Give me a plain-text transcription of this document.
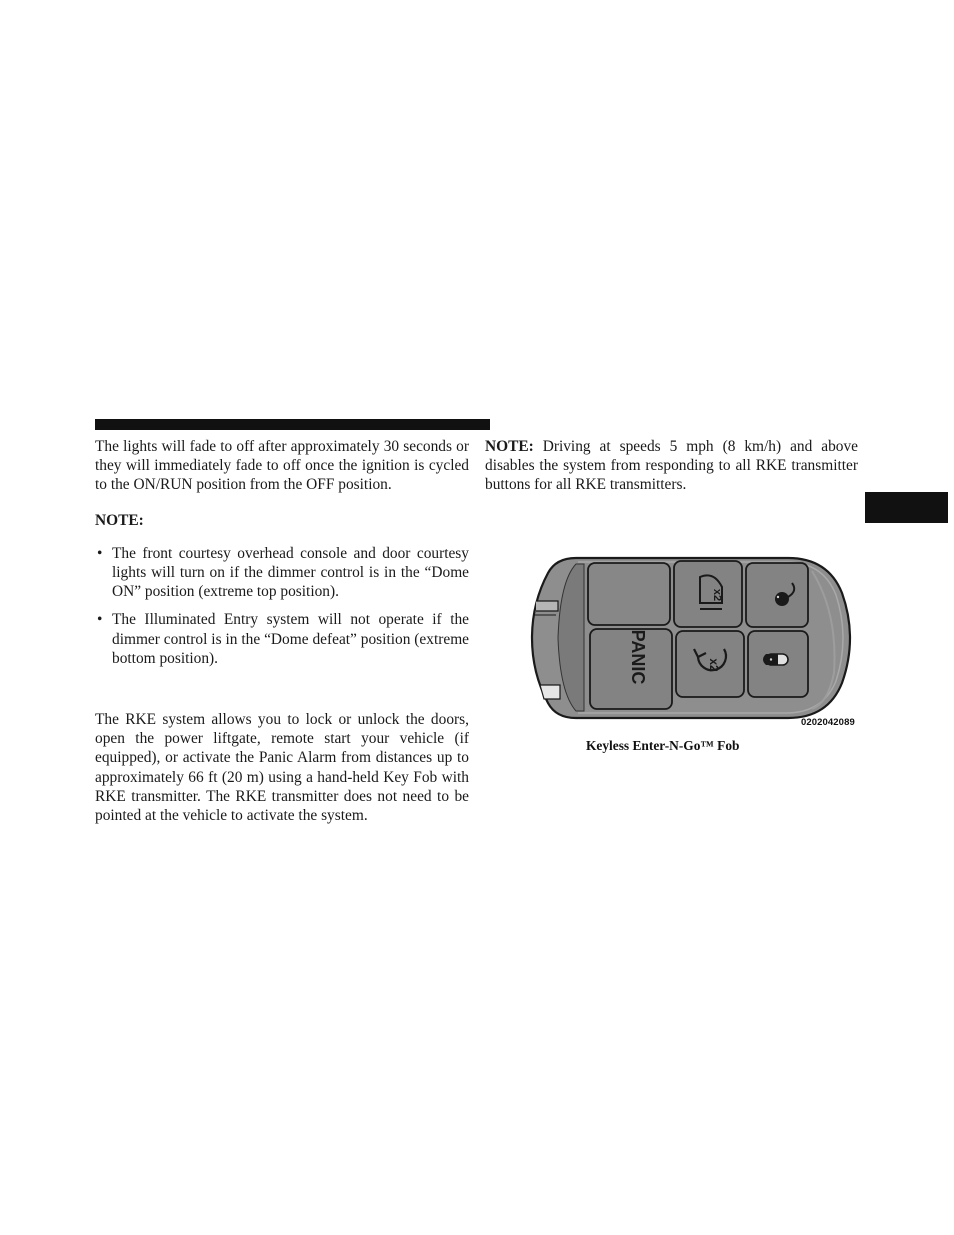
The lights will fade to off after approximately 30 seconds or they will immediately fade to off once the ignition is cycled to the ON/RUN position from the OFF position.

NOTE:

• The front courtesy overhead console and door courtesy lights will turn on if the dimmer control is in the “Dome ON” position (extreme top position).
• The Illuminated Entry system will not operate if the dimmer control is in the “Dome defeat” position (extreme bottom position).

The RKE system allows you to lock or unlock the doors, open the power liftgate, remote start your vehicle (if equipped), or activate the Panic Alarm from distances up to approximately 66 ft (20 m) using a hand-held Key Fob with RKE transmitter. The RKE transmitter does not need to be pointed at the vehicle to activate the system.

NOTE: Driving at speeds 5 mph (8 km/h) and above disables the system from responding to all RKE transmitter buttons for all RKE transmitters.

PANIC
x2
x2
0202042089
Keyless Enter-N-Go™ Fob
